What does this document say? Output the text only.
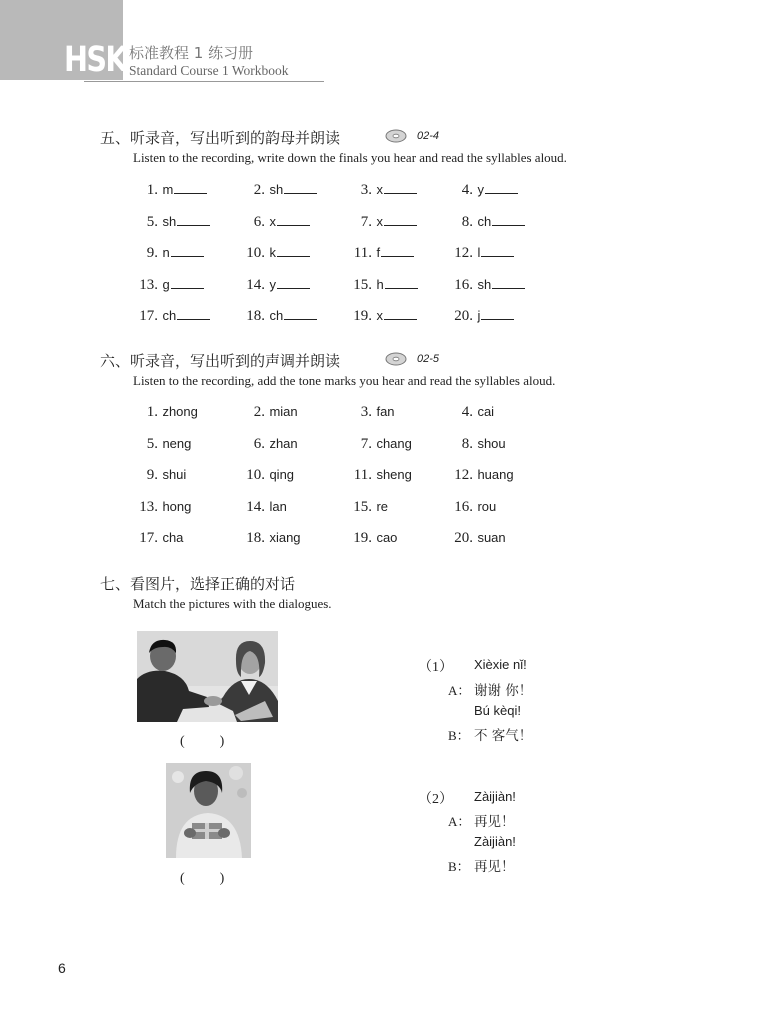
HSK 标准教程 1 练习册
Standard Course 1 Workbook
五、听录音，写出听到的韵母并朗读	02-4
Listen to the recording, write down the finals you hear and read the syllables aloud.
1. m	2. sh	3. x	4. y
5. sh	6. x	7. x	8. ch
9. n	10. k	11. f	12. l
13. g	14. y	15. h	16. sh
17. ch	18. ch	19. x	20. j
六、听录音，写出听到的声调并朗读	02-5
Listen to the recording, add the tone marks you hear and read the syllables aloud.
1. zhong	2. mian	3. fan	4. cai
5. neng	6. zhan	7. chang	8. shou
9. shui	10. qing	11. sheng	12. huang
13. hong	14. lan	15. re	16. rou
17. cha	18. xiang	19. cao	20. suan
七、看图片，选择正确的对话
Match the pictures with the dialogues.
(          )
(          )
（1） Xièxie nǐ!
A： 谢谢 你！
Bú kèqi!
B： 不 客气！
（2） Zàijiàn!
A： 再见！
Zàijiàn!
B： 再见！
6
